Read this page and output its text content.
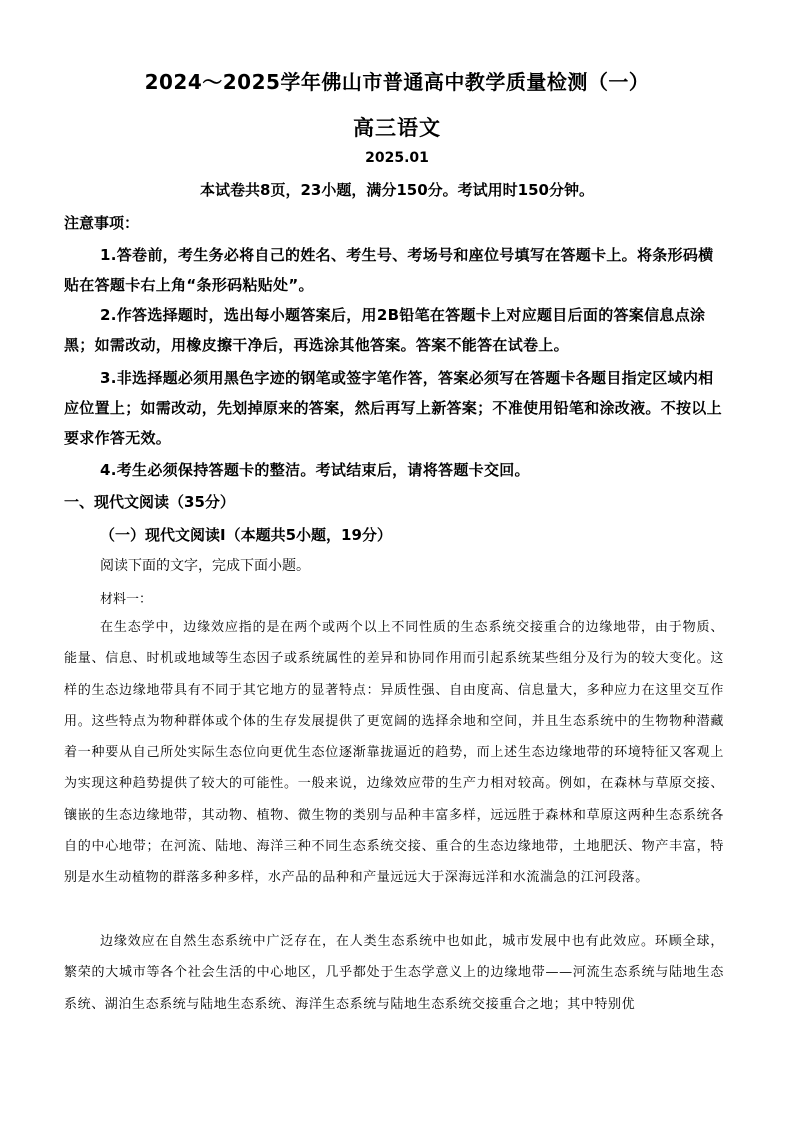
2024～2025学年佛山市普通高中教学质量检测（一）
高三语文
2025.01
本试卷共8页，23小题，满分150分。考试用时150分钟。
注意事项：
1.答卷前，考生务必将自己的姓名、考生号、考场号和座位号填写在答题卡上。将条形码横贴在答题卡右上角“条形码粘贴处”。
2.作答选择题时，选出每小题答案后，用2B铅笔在答题卡上对应题目后面的答案信息点涂黑；如需改动，用橡皮擦干净后，再选涂其他答案。答案不能答在试卷上。
3.非选择题必须用黑色字迹的钢笔或签字笔作答，答案必须写在答题卡各题目指定区域内相应位置上；如需改动，先划掉原来的答案，然后再写上新答案；不准使用铅笔和涂改液。不按以上要求作答无效。
4.考生必须保持答题卡的整洁。考试结束后，请将答题卡交回。
一、现代文阅读（35分）
（一）现代文阅读Ⅰ（本题共5小题，19分）
阅读下面的文字，完成下面小题。
材料一：
在生态学中，边缘效应指的是在两个或两个以上不同性质的生态系统交接重合的边缘地带，由于物质、能量、信息、时机或地域等生态因子或系统属性的差异和协同作用而引起系统某些组分及行为的较大变化。这样的生态边缘地带具有不同于其它地方的显著特点：异质性强、自由度高、信息量大，多种应力在这里交互作用。这些特点为物种群体或个体的生存发展提供了更宽阔的选择余地和空间，并且生态系统中的生物物种潜藏着一种要从自己所处实际生态位向更优生态位逐渐靠拢逼近的趋势，而上述生态边缘地带的环境特征又客观上为实现这种趋势提供了较大的可能性。一般来说，边缘效应带的生产力相对较高。例如，在森林与草原交接、镶嵌的生态边缘地带，其动物、植物、微生物的类别与品种丰富多样，远远胜于森林和草原这两种生态系统各自的中心地带；在河流、陆地、海洋三种不同生态系统交接、重合的生态边缘地带，土地肥沃、物产丰富，特别是水生动植物的群落多种多样，水产品的品种和产量远远大于深海远洋和水流湍急的江河段落。
边缘效应在自然生态系统中广泛存在，在人类生态系统中也如此，城市发展中也有此效应。环顾全球，繁荣的大城市等各个社会生活的中心地区，几乎都处于生态学意义上的边缘地带——河流生态系统与陆地生态系统、湖泊生态系统与陆地生态系统、海洋生态系统与陆地生态系统交接重合之地；其中特别优
